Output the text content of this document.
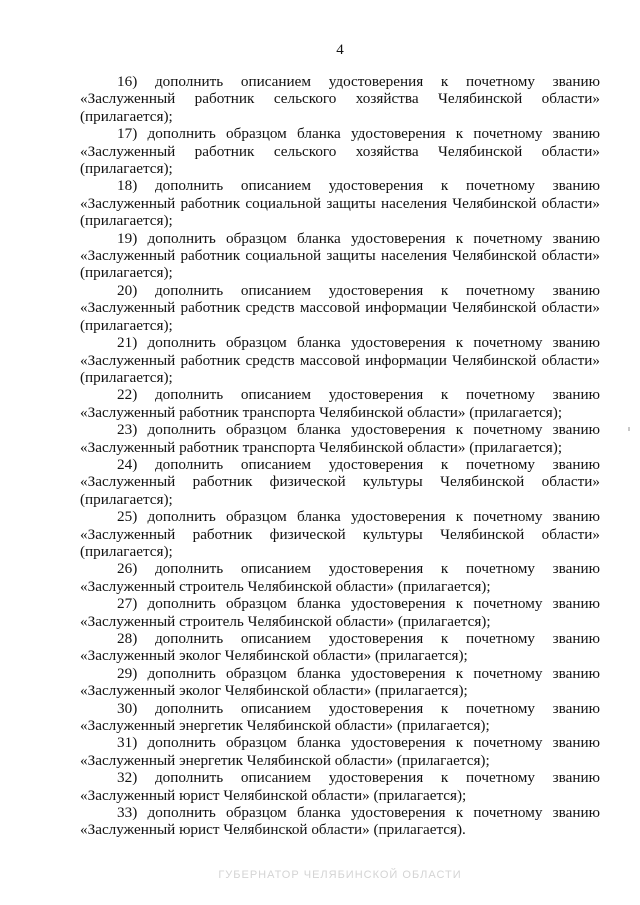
4

16) дополнить описанием удостоверения к почетному званию «Заслуженный работник сельского хозяйства Челябинской области» (прилагается);

17) дополнить образцом бланка удостоверения к почетному званию «Заслуженный работник сельского хозяйства Челябинской области» (прилагается);

18) дополнить описанием удостоверения к почетному званию «Заслуженный работник социальной защиты населения Челябинской области» (прилагается);

19) дополнить образцом бланка удостоверения к почетному званию «Заслуженный работник социальной защиты населения Челябинской области» (прилагается);

20) дополнить описанием удостоверения к почетному званию «Заслуженный работник средств массовой информации Челябинской области» (прилагается);

21) дополнить образцом бланка удостоверения к почетному званию «Заслуженный работник средств массовой информации Челябинской области» (прилагается);

22) дополнить описанием удостоверения к почетному званию «Заслуженный работник транспорта Челябинской области» (прилагается);

23) дополнить образцом бланка удостоверения к почетному званию «Заслуженный работник транспорта Челябинской области» (прилагается);

24) дополнить описанием удостоверения к почетному званию «Заслуженный работник физической культуры Челябинской области» (прилагается);

25) дополнить образцом бланка удостоверения к почетному званию «Заслуженный работник физической культуры Челябинской области» (прилагается);

26) дополнить описанием удостоверения к почетному званию «Заслуженный строитель Челябинской области» (прилагается);

27) дополнить образцом бланка удостоверения к почетному званию «Заслуженный строитель Челябинской области» (прилагается);

28) дополнить описанием удостоверения к почетному званию «Заслуженный эколог Челябинской области» (прилагается);

29) дополнить образцом бланка удостоверения к почетному званию «Заслуженный эколог Челябинской области» (прилагается);

30) дополнить описанием удостоверения к почетному званию «Заслуженный энергетик Челябинской области» (прилагается);

31) дополнить образцом бланка удостоверения к почетному званию «Заслуженный энергетик Челябинской области» (прилагается);

32) дополнить описанием удостоверения к почетному званию «Заслуженный юрист Челябинской области» (прилагается);

33) дополнить образцом бланка удостоверения к почетному званию «Заслуженный юрист Челябинской области» (прилагается).

ГУБЕРНАТОР ЧЕЛЯБИНСКОЙ ОБЛАСТИ
